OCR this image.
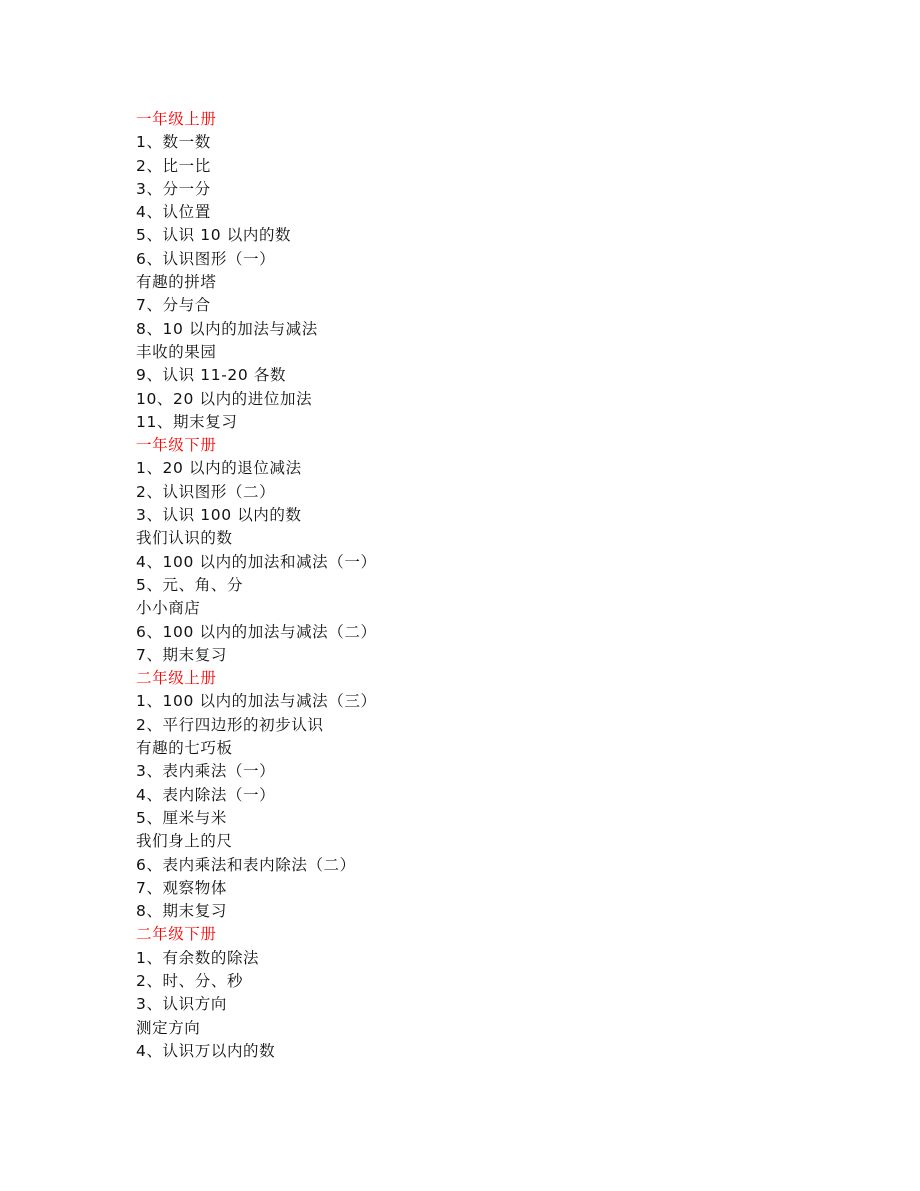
一年级上册
1、数一数
2、比一比
3、分一分
4、认位置
5、认识 10 以内的数
6、认识图形（一）
有趣的拼塔
7、分与合
8、10 以内的加法与减法
丰收的果园
9、认识 11-20 各数
10、20 以内的进位加法
11、期末复习
一年级下册
1、20 以内的退位减法
2、认识图形（二）
3、认识 100 以内的数
我们认识的数
4、100 以内的加法和减法（一）
5、元、角、分
小小商店
6、100 以内的加法与减法（二）
7、期末复习
二年级上册
1、100 以内的加法与减法（三）
2、平行四边形的初步认识
有趣的七巧板
3、表内乘法（一）
4、表内除法（一）
5、厘米与米
我们身上的尺
6、表内乘法和表内除法（二）
7、观察物体
8、期末复习
二年级下册
1、有余数的除法
2、时、分、秒
3、认识方向
测定方向
4、认识万以内的数
